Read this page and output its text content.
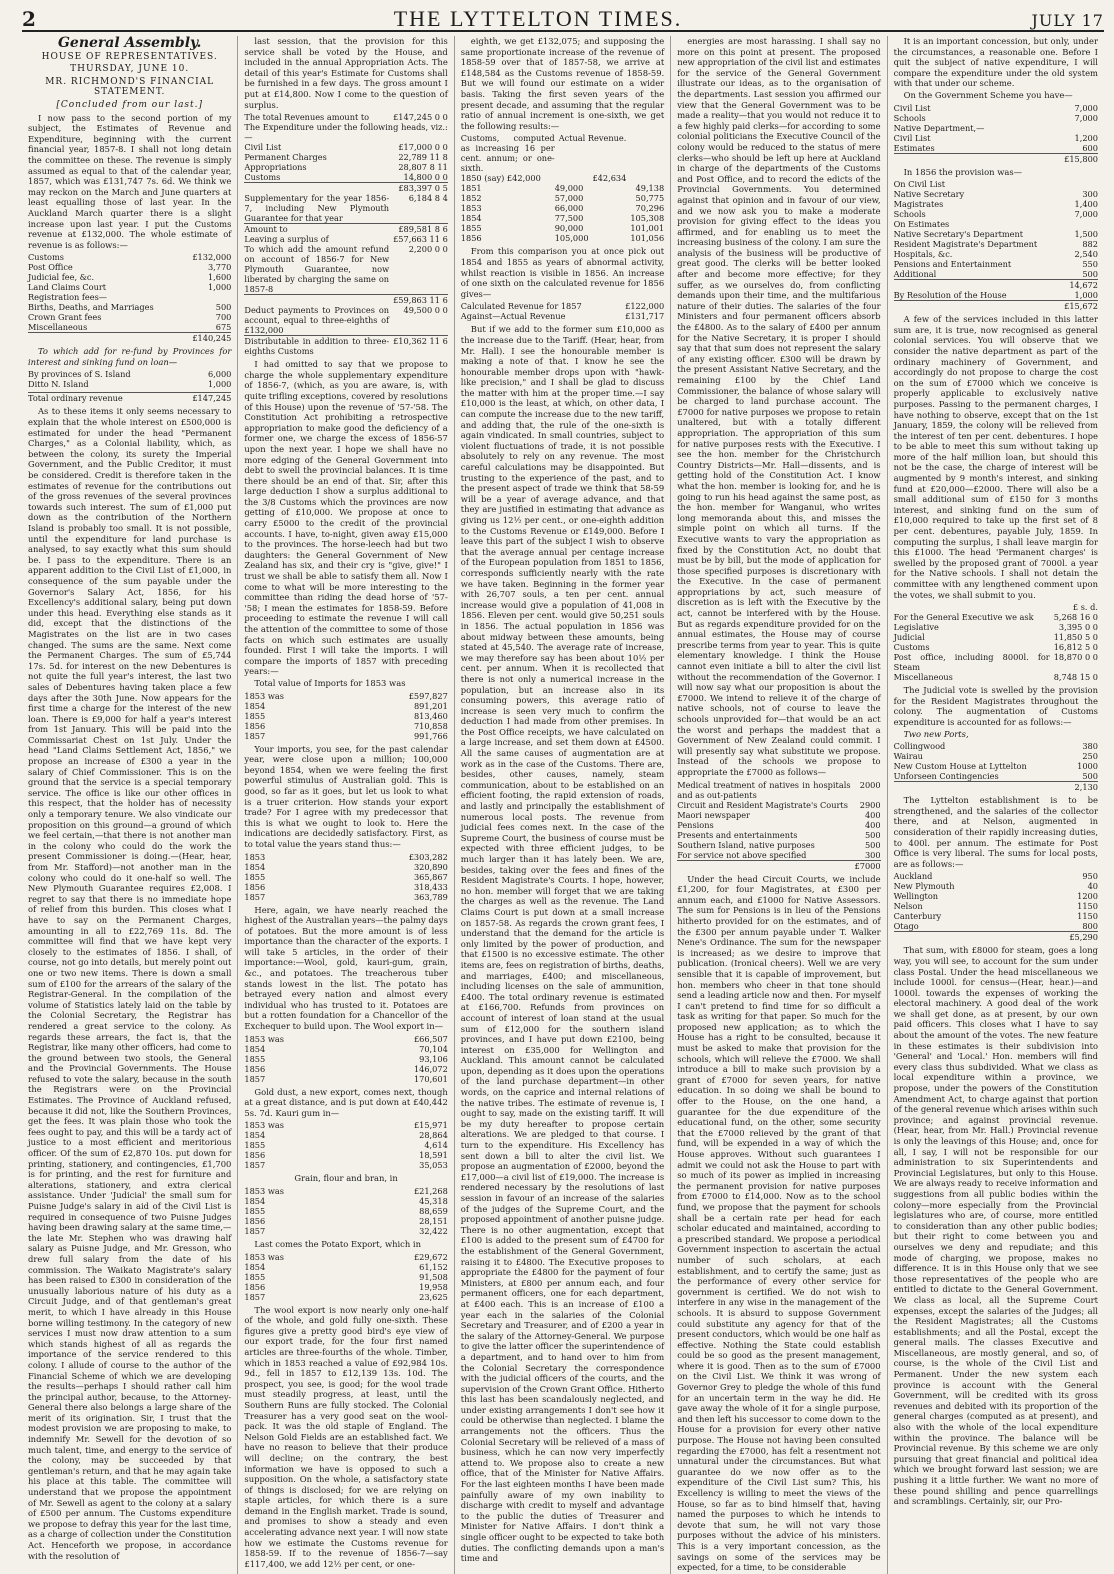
2	THE LYTTELTON TIMES.	JULY 17
General Assembly.
HOUSE OF REPRESENTATIVES.
THURSDAY, JUNE 10.
MR. RICHMOND'S FINANCIAL STATEMENT.
[Concluded from our last.]

I now pass to the second portion of my subject, the Estimates of Revenue and Expenditure, beginning with the current financial year, 1857-8. I shall not long detain the committee on these. The revenue is simply assumed as equal to that of the calendar year, 1857, which was £131,747 7s. 6d. We think we may reckon on the March and June quarters at least equalling those of last year. In the Auckland March quarter there is a slight increase upon last year. I put the Customs revenue at £132,000. The whole estimate of revenue is as follows:—

Customs	£132,000
Post Office	3,770
Judicial fee, &c.	1,600
Land Claims Court	1,000
Registration fees—	
Births, Deaths, and Marriages	500
Crown Grant fees	700
Miscellaneous	675
	£140,245

To which add for re-fund by Provinces for interest and sinking fund on loan—

By provinces of S. Island	6,000
Ditto N. Island	1,000
Total ordinary revenue	£147,245

As to these items it only seems necessary to explain that the whole interest on £500,000 is estimated for under the head "Permanent Charges," as a Colonial liability, which, as between the colony, its surety the Imperial Government, and the Public Creditor, it must be considered. Credit is therefore taken in the estimates of revenue for the contributions out of the gross revenues of the several provinces towards such interest. The sum of £1,000 put down as the contribution of the Northern Island is probably too small. It is not possible, until the expenditure for land purchase is analysed, to say exactly what this sum should be. I pass to the expenditure. There is an apparent addition to the Civil List of £1,000, in consequence of the sum payable under the Governor's Salary Act, 1856, for his Excellency's additional salary, being put down under this head. Everything else stands as it did, except that the distinctions of the Magistrates on the list are in two cases changed. The sums are the same. Next come the Permanent Charges. The sum of £5,744 17s. 5d. for interest on the new Debentures is not quite the full year's interest, the last two sales of Debentures having taken place a few days after the 30th June. Now appears for the first time a charge for the interest of the new loan. There is £9,000 for half a year's interest from 1st January. This will be paid into the Commissariat Chest on 1st July. Under the head "Land Claims Settlement Act, 1856," we propose an increase of £300 a year in the salary of Chief Commissioner. This is on the ground that the service is a special temporary service. The office is like our other offices in this respect, that the holder has of necessity only a temporary tenure. We also vindicate our proposition on this ground—a ground of which we feel certain,—that there is not another man in the colony who could do the work the present Commissioner is doing.—(Hear, hear, from Mr. Stafford)—not another man in the colony who could do it one-half so well. The New Plymouth Guarantee requires £2,008. I regret to say that there is no immediate hope of relief from this burden. This closes what I have to say on the Permanent Charges, amounting in all to £22,769 11s. 8d. The committee will find that we have kept very closely to the estimates of 1856. I shall, of course, not go into details, but merely point out one or two new items. There is down a small sum of £100 for the arrears of the salary of the Registrar-General. In the compilation of the volume of Statistics lately laid on the table by the Colonial Secretary, the Registrar has rendered a great service to the colony. As regards these arrears, the fact is, that the Registrar, like many other officers, had come to the ground between two stools, the General and the Provincial Governments. The House refused to vote the salary, because in the south the Registrars were on the Provincial Estimates. The Province of Auckland refused, because it did not, like the Southern Provinces, get the fees. It was plain those who took the fees ought to pay, and this will be a tardy act of justice to a most efficient and meritorious officer. Of the sum of £2,870 10s. put down for printing, stationery, and contingencies, £1,700 is for printing, and the rest for furniture and alterations, stationery, and extra clerical assistance. Under 'Judicial' the small sum for Puisne Judge's salary in aid of the Civil List is required in consequence of two Puisne Judges having been drawing salary at the same time,—the late Mr. Stephen who was drawing half salary as Puisne Judge, and Mr. Gresson, who drew full salary from the date of his commission. The Waikato Magistrate's salary has been raised to £300 in consideration of the unusually laborious nature of his duty as a Circuit Judge, and of that gentleman's great merit, to which I have already in this House borne willing testimony. In the category of new services I must now draw attention to a sum which stands highest of all as regards the importance of the service rendered to this colony. I allude of course to the author of the Financial Scheme of which we are developing the results—perhaps I should rather call him the principal author, because, to the Attorney-General there also belongs a large share of the merit of its origination. Sir, I trust that the modest provision we are proposing to make, to indemnify Mr. Sewell for the devotion of so much talent, time, and energy to the service of the colony, may be succeeded by that gentleman's return, and that he may again take his place at this table. The committee will understand that we propose the appointment of Mr. Sewell as agent to the colony at a salary of £500 per annum. The Customs expenditure we propose to defray this year for the last time, as a charge of collection under the Constitution Act. Henceforth we propose, in accordance with the resolution of

last session, that the provision for this service shall be voted by the House, and included in the annual Appropriation Acts. The detail of this year's Estimate for Customs shall be furnished in a few days. The gross amount I put at £14,800. Now I come to the question of surplus.

The total Revenues amount to	£147,245 0 0
The Expenditure under the following heads, viz.:—	
Civil List	£17,000 0 0
Permanent Charges	22,789 11 8
Appropriations	28,807 8 11
Customs	14,800 0 0
	£83,397 0 5
Supplementary for the year 1856-7, including New Plymouth Guarantee for that year	6,184 8 4
Amount to	£89,581 8 6
Leaving a surplus of	£57,663 11 6
To which add the amount refund on account of 1856-7 for New Plymouth Guarantee, now liberated by charging the same on 1857-8	2,200 0 0
	£59,863 11 6
Deduct payments to Provinces on account, equal to three-eighths of £132,000	49,500 0 0
Distributable in addition to three-eighths Customs	£10,362 11 6

I had omitted to say that we propose to charge the whole supplementary expenditure of 1856-7, (which, as you are aware, is, with quite trifling exceptions, covered by resolutions of this House) upon the revenue of '57-'58. The Constitution Act prohibiting a retrospective appropriation to make good the deficiency of a former one, we charge the excess of 1856-57 upon the next year. I hope we shall have no more edging of the General Government into debt to swell the provincial balances. It is time there should be an end of that. Sir, after this large deduction I show a surplus additional to the 3/8 Customs which the provinces are now getting of £10,000. We propose at once to carry £5000 to the credit of the provincial accounts. I have, to-night, given away £15,000 to the provinces. The horse-leech had but two daughters: the General Government of New Zealand has six, and their cry is "give, give!" I trust we shall be able to satisfy them all. Now I come to what will be more interesting to the committee than riding the dead horse of '57-'58; I mean the estimates for 1858-59. Before proceeding to estimate the revenue I will call the attention of the committee to some of those facts on which such estimates are usually founded. First I will take the imports. I will compare the imports of 1857 with preceding years:—

Total value of Imports for 1853 was

1853 was	£597,827
1854	891,201
1855	813,460
1856	710,858
1857	991,766

Your imports, you see, for the past calendar year, were close upon a million; 100,000 beyond 1854, when we were feeling the first powerful stimulus of Australian gold. This is good, so far as it goes, but let us look to what is a truer criterion. How stands your export trade? For I agree with my predecessor that this is what we ought to look to. Here the indications are decidedly satisfactory. First, as to total value the years stand thus:—

1853	£303,282
1854	320,890
1855	365,867
1856	318,433
1857	363,789

Here, again, we have nearly reached the highest of the Australian years—the palmy days of potatoes. But the more amount is of less importance than the character of the exports. I will take 5 articles, in the order of their importance:—Wool, gold, kauri-gum, grain, &c., and potatoes. The treacherous tuber stands lowest in the list. The potato has betrayed every nation and almost every individual who has trusted to it. Potatoes are but a rotten foundation for a Chancellor of the Exchequer to build upon. The Wool export in—

1853 was	£66,507
1854	70,104
1855	93,106
1856	146,072
1857	170,601

Gold dust, a new export, comes next, though at a great distance, and is put down at £40,442 5s. 7d. Kauri gum in—

1853 was	£15,971
1854	28,864
1855	4,614
1856	18,591
1857	35,053

Grain, flour and bran, in

1853 was	£21,268
1854	45,318
1855	88,659
1856	28,151
1857	32,422

Last comes the Potato Export, which in

1853 was	£29,672
1854	61,152
1855	91,508
1856	19,958
1857	23,625

The wool export is now nearly only one-half of the whole, and gold fully one-sixth. These figures give a pretty good bird's eye view of our export trade, for the four first named articles are three-fourths of the whole. Timber, which in 1853 reached a value of £92,984 10s. 9d., fell in 1857 to £12,139 13s. 10d. The prospect, you see, is good; for the wool trade must steadily progress, at least, until the Southern Runs are fully stocked. The Colonial Treasurer has a very good seat on the wool-pack. It was the old staple of England. The Nelson Gold Fields are an established fact. We have no reason to believe that their produce will decline; on the contrary, the best information we have is opposed to such a supposition. On the whole, a satisfactory state of things is disclosed; for we are relying on staple articles, for which there is a sure demand in the English market. Trade is sound, and promises to show a steady and even accelerating advance next year. I will now state how we estimate the Customs revenue for 1858-59. If to the revenue of 1856-7—say £117,400, we add 12½ per cent, or one-

eighth, we get £132,075; and supposing the same proportionate increase of the revenue of 1858-59 over that of 1857-58, we arrive at £148,584 as the Customs revenue of 1858-59. But we will found our estimate on a wider basis. Taking the first seven years of the present decade, and assuming that the regular ratio of annual increment is one-sixth, we get the following results:—

Customs, computed as increasing 16 per cent. annum; or one-sixth.	Actual Revenue.	
1850 (say) £42,000	£42,634	
1851	49,000	49,138
1852	57,000	50,775
1853	66,000	70,296
1854	77,500	105,308
1855	90,000	101,001
1856	105,000	101,056

From this comparison you at once pick out 1854 and 1855 as years of abnormal activity, whilst reaction is visible in 1856. An increase of one sixth on the calculated revenue for 1856 gives—

Calculated Revenue for 1857	£122,000
Against—Actual Revenue	£131,717

But if we add to the former sum £10,000 as the increase due to the Tariff. (Hear, hear, from Mr. Hall). I see the honourable member is making a note of that. I know he see the honourable member drops upon with "hawk-like precision," and I shall be glad to discuss the matter with him at the proper time.—I say £10,000 is the least, at which, on other data, I can compute the increase due to the new tariff, and adding that, the rule of the one-sixth is again vindicated. In small countries, subject to violent fluctuations of trade, it is not possible absolutely to rely on any revenue. The most careful calculations may be disappointed. But trusting to the experience of the past, and to the present aspect of trade we think that 58-59 will be a year of average advance, and that they are justified in estimating that advance as giving us 12½ per cent., or one-eighth addition to the Customs Revenue or £149,000. Before I leave this part of the subject I wish to observe that the average annual per centage increase of the European population from 1851 to 1856, corresponds sufficiently nearly with the rate we have taken. Beginning in the former year with 26,707 souls, a ten per cent. annual increase would give a population of 41,008 in 1856. Eleven per cent. would give 50,251 souls in 1856. The actual population in 1856 was about midway between these amounts, being stated at 45,540. The average rate of increase, we may therefore say has been about 10½ per cent. per annum. When it is recollected that there is not only a numerical increase in the population, but an increase also in its consuming powers, this average ratio of increase is seen very much to confirm the deduction I had made from other premises. In the Post Office receipts, we have calculated on a large increase, and set them down at £4500. All the same causes of augmentation are at work as in the case of the Customs. There are, besides, other causes, namely, steam communication, about to be established on an efficient footing, the rapid extension of roads, and lastly and principally the establishment of numerous local posts. The revenue from judicial fees comes next. In the case of the Supreme Court, the business of course must be expected with three efficient judges, to be much larger than it has lately been. We are, besides, taking over the fees and fines of the Resident Magistrate's Courts. I hope, however, no hon. member will forget that we are taking the charges as well as the revenue. The Land Claims Court is put down at a small increase on 1857-58. As regards the crown grant fees, I understand that the demand for the article is only limited by the power of production, and that £1500 is no excessive estimate. The other items are, fees on registration of births, deaths, and marriages, £400; and miscellaneous, including licenses on the sale of ammunition, £400. The total ordinary revenue is estimated at £166,700. Refunds from provinces on account of interest of loan stand at the usual sum of £12,000 for the southern island provinces, and I have put down £2100, being interest on £35,000 for Wellington and Auckland. This amount cannot be calculated upon, depending as it does upon the operations of the land purchase department—in other words, on the caprice and internal relations of the native tribes. The estimate of revenue is, I ought to say, made on the existing tariff. It will be my duty hereafter to propose certain alterations. We are pledged to that course. I turn to the expenditure. His Excellency has sent down a bill to alter the civil list. We propose an augmentation of £2000, beyond the £17,000—a civil list of £19,000. The increase is rendered necessary by the resolutions of last session in favour of an increase of the salaries of the judges of the Supreme Court, and the proposed appointment of another puisne judge. There is no other augmentation, except that £100 is added to the present sum of £4700 for the establishment of the General Government, raising it to £4800. The Executive proposes to appropriate the £4800 for the payment of four Ministers, at £800 per annum each, and four permanent officers, one for each department, at £400 each. This is an increase of £100 a year each in the salaries of the Colonial Secretary and Treasurer, and of £200 a year in the salary of the Attorney-General. We purpose to give the latter officer the superintendence of a department, and to hand over to him from the Colonial Secretary the correspondence with the judicial officers of the courts, and the supervision of the Crown Grant Office. Hitherto this last has been scandalously neglected, and under existing arrangements I don't see how it could be otherwise than neglected. I blame the arrangements not the officers. Thus the Colonial Secretary will be relieved of a mass of business, which he can now very imperfectly attend to. We propose also to create a new office, that of the Minister for Native Affairs. For the last eighteen months I have been made painfully aware of my own inability to discharge with credit to myself and advantage to the public the duties of Treasurer and Minister for Native Affairs. I don't think a single officer ought to be expected to take both duties. The conflicting demands upon a man's time and

energies are most harassing. I shall say no more on this point at present. The proposed new appropriation of the civil list and estimates for the service of the General Government illustrate our ideas, as to the organisation of the departments. Last session you affirmed our view that the General Government was to be made a reality—that you would not reduce it to a few highly paid clerks—for according to some colonial politicians the Executive Council of the colony would be reduced to the status of mere clerks—who should be left up here at Auckland in charge of the departments of the Customs and Post Office, and to record the edicts of the Provincial Governments. You determined against that opinion and in favour of our view, and we now ask you to make a moderate provision for giving effect to the ideas you affirmed, and for enabling us to meet the increasing business of the colony. I am sure the analysis of the business will be productive of great good. The clerks will be better looked after and become more effective; for they suffer, as we ourselves do, from conflicting demands upon their time, and the multifarious nature of their duties. The salaries of the four Ministers and four permanent officers absorb the £4800. As to the salary of £400 per annum for the Native Secretary, it is proper I should say that that sum does not represent the salary of any existing officer. £300 will be drawn by the present Assistant Native Secretary, and the remaining £100 by the Chief Land Commissioner, the balance of whose salary will be charged to land purchase account. The £7000 for native purposes we propose to retain unaltered, but with a totally different appropriation. The appropriation of this sum for native purposes rests with the Executive. I see the hon. member for the Christchurch Country Districts—Mr. Hall—dissents, and is getting hold of the Constitution Act. I know what the hon. member is looking for, and he is going to run his head against the same post, as the hon. member for Wanganui, who writes long memoranda about this, and misses the simple point on which all turns. If the Executive wants to vary the appropriation as fixed by the Constitution Act, no doubt that must be by bill, but the mode of application for those specified purposes is discretionary with the Executive. In the case of permanent appropriations by act, such measure of discretion as is left with the Executive by the act, cannot be interfered with by the House. But as regards expenditure provided for on the annual estimates, the House may of course prescribe terms from year to year. This is quite elementary knowledge. I think the House cannot even initiate a bill to alter the civil list without the recommendation of the Governor. I will now say what our proposition is about the £7000. We intend to relieve it of the charge of native schools, not of course to leave the schools unprovided for—that would be an act the worst and perhaps the maddest that a Government of New Zealand could commit. I will presently say what substitute we propose. Instead of the schools we propose to appropriate the £7000 as follows—

Medical treatment of natives in hospitals and as out-patients	2000
Circuit and Resident Magistrate's Courts	2900
Maori newspaper	400
Pensions	400
Presents and entertainments	500
Southern Island, native purposes	500
For service not above specified	300
	£7000

Under the head Circuit Courts, we include £1,200, for four Magistrates, at £300 per annum each, and £1000 for Native Assessors. The sum for Pensions is in lieu of the Pensions hitherto provided for on the estimates, and of the £300 per annum payable under T. Walker Nene's Ordinance. The sum for the newspaper is increased; as we desire to improve that publication. (Ironical cheers). Well we are very sensible that it is capable of improvement, but hon. members who cheer in that tone should send a leading article now and then. For myself I can't pretend to find time for so difficult a task as writing for that paper. So much for the proposed new application; as to which the House has a right to be consulted, because it must be asked to make that provision for the schools, which will relieve the £7000. We shall introduce a bill to make such provision by a grant of £7000 for seven years, for native education. In so doing we shall be bound to offer to the House, on the one hand, a guarantee for the due expenditure of the educational fund, on the other, some security that the £7000 relieved by the grant of that fund, will be expended in a way of which the House approves. Without such guarantees I admit we could not ask the House to part with so much of its power as implied in increasing the permanent provision for native purposes from £7000 to £14,000. Now as to the school fund, we propose that the payment for schools shall be a certain rate per head for each scholar educated and maintained, according to a prescribed standard. We propose a periodical Government inspection to ascertain the actual number of such scholars, at each establishment, and to certify the same; just as the performance of every other service for government is certified. We do not wish to interfere in any wise in the management of the schools. It is absurd to suppose Government could substitute any agency for that of the present conductors, which would be one half as effective. Nothing the State could establish could be so good as the present management, where it is good. Then as to the sum of £7000 on the Civil List. We think it was wrong of Governor Grey to pledge the whole of this fund for an uncertain term in the way he did. He gave away the whole of it for a single purpose, and then left his successor to come down to the House for a provision for every other native purpose. The House not having been consulted regarding the £7000, has felt a resentment not unnatural under the circumstances. But what guarantee do we now offer as to the expenditure of the Civil List sum? This, his Excellency is willing to meet the views of the House, so far as to bind himself that, having named the purposes to which he intends to devote that sum, he will not vary those purposes without the advice of his ministers. This is a very important concession, as the savings on some of the services may be expected, for a time, to be considerable

It is an important concession, but only, under the circumstances, a reasonable one. Before I quit the subject of native expenditure, I will compare the expenditure under the old system with that under our scheme.

On the Government Scheme you have—

Civil List	7,000
Schools	7,000
Native Department,—	
Civil List	1,200
Estimates	600
	£15,800

In 1856 the provision was—

On Civil List	
Native Secretary	300
Magistrates	1,400
Schools	7,000
On Estimates	
Native Secretary's Department	1,500
Resident Magistrate's Department	882
Hospitals, &c.	2,540
Pensions and Entertainment	550
Additional	500
	14,672
By Resolution of the House	1,000
	£15,672

A few of the services included in this latter sum are, it is true, now recognised as general colonial services. You will observe that we consider the native department as part of the ordinary machinery of Government, and accordingly do not propose to charge the cost on the sum of £7000 which we conceive is properly applicable to exclusively native purposes. Passing to the permanent charges, I have nothing to observe, except that on the 1st January, 1859, the colony will be relieved from the interest of ten per cent. debentures. I hope to be able to meet this sum without taking up more of the half million loan, but should this not be the case, the charge of interest will be augmented by 9 month's interest, and sinking fund at £20,000—£2000. There will also be a small additional sum of £150 for 3 months interest, and sinking fund on the sum of £10,000 required to take up the first set of 8 per cent. debentures, payable July, 1859. In computing the surplus, I shall leave margin for this £1000. The head 'Permanent charges' is swelled by the proposed grant of 7000l. a year for the Native schools. I shall not detain the committee with any lengthened comment upon the votes, we shall submit to you.

	£ s. d.
For the General Executive we ask	5,268 16 0
Legislative	3,395 0 0
Judicial	11,850 5 0
Customs	16,812 5 0
Post office, including 8000l. for Steam	18,870 0 0
Miscellaneous	8,748 15 0

The Judicial vote is swelled by the provision for the Resident Magistrates throughout the colony. The augmentation of Customs expenditure is accounted for as follows:—

Two new Ports,

Collingwood	380
Wairau	250
New Custom House at Lyttelton	1000
Unforseen Contingencies	500
	2,130

The Lyttelton establishment is to be strengthened, and the salaries of the collector there, and at Nelson, augmented in consideration of their rapidly increasing duties, to 400l. per annum. The estimate for Post Office is very liberal. The sums for local posts, are as follows:—

Auckland	950
New Plymouth	40
Wellington	1200
Nelson	1150
Canterbury	1150
Otago	800
	£5,290

That sum, with £8000 for steam, goes a long way, you will see, to account for the sum under class Postal. Under the head miscellaneous we include 1000l. for census—(Hear, hear.)—and 1000l. towards the expenses of working the electoral machinery. A good deal of the work we shall get done, as at present, by our own paid officers. This closes what I have to say about the amount of the votes. The new feature in these estimates is their subdivision into 'General' and 'Local.' Hon. members will find every class thus subdivided. What we class as local expenditure within a province, we propose, under the powers of the Constitution Amendment Act, to charge against that portion of the general revenue which arises within such province; and against provincial revenue. (Hear, hear, from Mr. Hall.) Provincial revenue is only the leavings of this House; and, once for all, I say, I will not be responsible for our administration to six Superintendents and Provincial Legislatures, but only to this House. We are always ready to receive information and suggestions from all public bodies within the colony—more especially from the Provincial legislatures who are, of course, more entitled to consideration than any other public bodies; but their right to come between you and ourselves we deny and repudiate; and this mode of charging, we propose, makes no difference. It is in this House only that we see those representatives of the people who are entitled to dictate to the General Government. We class as local, all the Supreme Court expenses, except the salaries of the Judges; all the Resident Magistrates; all the Customs establishments; and all the Postal, except the general mails. The classes Executive and Miscellaneous, are mostly general, and so, of course, is the whole of the Civil List and Permanent. Under the new system each province is account with the General Government, will be credited with its gross revenues and debited with its proportion of the general charges (computed as at present), and also with the whole of the local expenditure within the province. The balance will be Provincial revenue. By this scheme we are only pursuing that great financial and political idea which we brought forward last session; we are pushing it a little further. We want no more of these pound shilling and pence quarrellings and scramblings. Certainly, sir, our Pro-
